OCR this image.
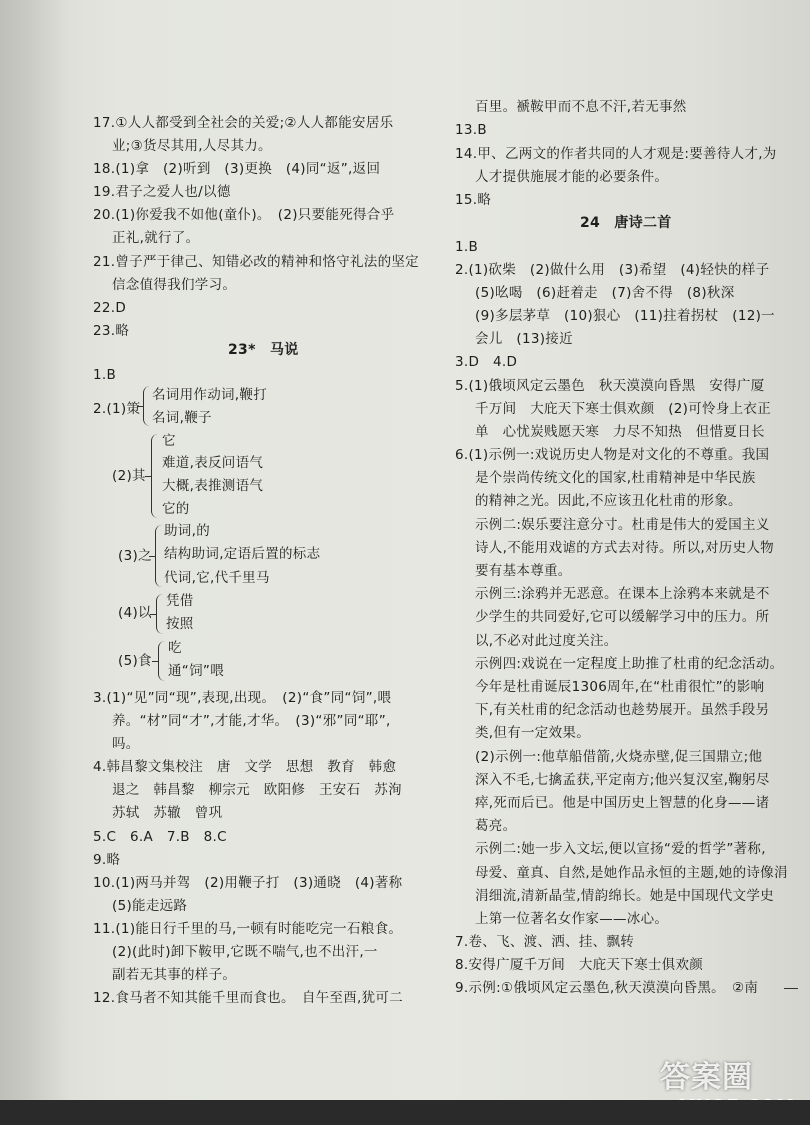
17.①人人都受到全社会的关爱;②人人都能安居乐
业;③货尽其用,人尽其力。
18.(1)拿　(2)听到　(3)更换　(4)同“返”,返回
19.君子之爱人也/以德
20.(1)你爱我不如他(童仆)。　(2)只要能死得合乎
正礼,就行了。
21.曾子严于律己、知错必改的精神和恪守礼法的坚定
信念值得我们学习。
22.D
23.略
23*　马说
1.B
2.(1)策
名词用作动词,鞭打
名词,鞭子
(2)其
它
难道,表反问语气
大概,表推测语气
它的
(3)之
助词,的
结构助词,定语后置的标志
代词,它,代千里马
(4)以
凭借
按照
(5)食
吃
通“饲”喂
3.(1)“见”同“现”,表现,出现。　(2)“食”同“饲”,喂
养。“材”同“才”,才能,才华。　(3)“邪”同“耶”,
吗。
4.韩昌黎文集校注　唐　文学　思想　教育　韩愈
退之　韩昌黎　柳宗元　欧阳修　王安石　苏洵
苏轼　苏辙　曾巩
5.C　6.A　7.B　8.C
9.略
10.(1)两马并驾　(2)用鞭子打　(3)通晓　(4)著称
(5)能走远路
11.(1)能日行千里的马,一顿有时能吃完一石粮食。
(2)(此时)卸下鞍甲,它既不喘气,也不出汗,一
副若无其事的样子。
12.食马者不知其能千里而食也。　自午至酉,犹可二
百里。褫鞍甲而不息不汗,若无事然
13.B
14.甲、乙两文的作者共同的人才观是:要善待人才,为
人才提供施展才能的必要条件。
15.略
24　唐诗二首
1.B
2.(1)砍柴　(2)做什么用　(3)希望　(4)轻快的样子
(5)吆喝　(6)赶着走　(7)舍不得　(8)秋深
(9)多层茅草　(10)狠心　(11)拄着拐杖　(12)一
会儿　(13)接近
3.D　4.D
5.(1)俄顷风定云墨色　秋天漠漠向昏黑　安得广厦
千万间　大庇天下寒士俱欢颜　(2)可怜身上衣正
单　心忧炭贱愿天寒　力尽不知热　但惜夏日长
6.(1)示例一:戏说历史人物是对文化的不尊重。我国
是个崇尚传统文化的国家,杜甫精神是中华民族
的精神之光。因此,不应该丑化杜甫的形象。
示例二:娱乐要注意分寸。杜甫是伟大的爱国主义
诗人,不能用戏谑的方式去对待。所以,对历史人物
要有基本尊重。
示例三:涂鸦并无恶意。在课本上涂鸦本来就是不
少学生的共同爱好,它可以缓解学习中的压力。所
以,不必对此过度关注。
示例四:戏说在一定程度上助推了杜甫的纪念活动。
今年是杜甫诞辰1306周年,在“杜甫很忙”的影响
下,有关杜甫的纪念活动也趁势展开。虽然手段另
类,但有一定效果。
(2)示例一:他草船借箭,火烧赤壁,促三国鼎立;他
深入不毛,七擒孟获,平定南方;他兴复汉室,鞠躬尽
瘁,死而后已。他是中国历史上智慧的化身——诸
葛亮。
示例二:她一步入文坛,便以宣扬“爱的哲学”著称,
母爱、童真、自然,是她作品永恒的主题,她的诗像涓
涓细流,清新晶莹,情韵绵长。她是中国现代文学史
上第一位著名女作家——冰心。
7.卷、飞、渡、洒、挂、飘转
8.安得广厦千万间　大庇天下寒士俱欢颜
9.示例:①俄顷风定云墨色,秋天漠漠向昏黑。　②南
答案圈
